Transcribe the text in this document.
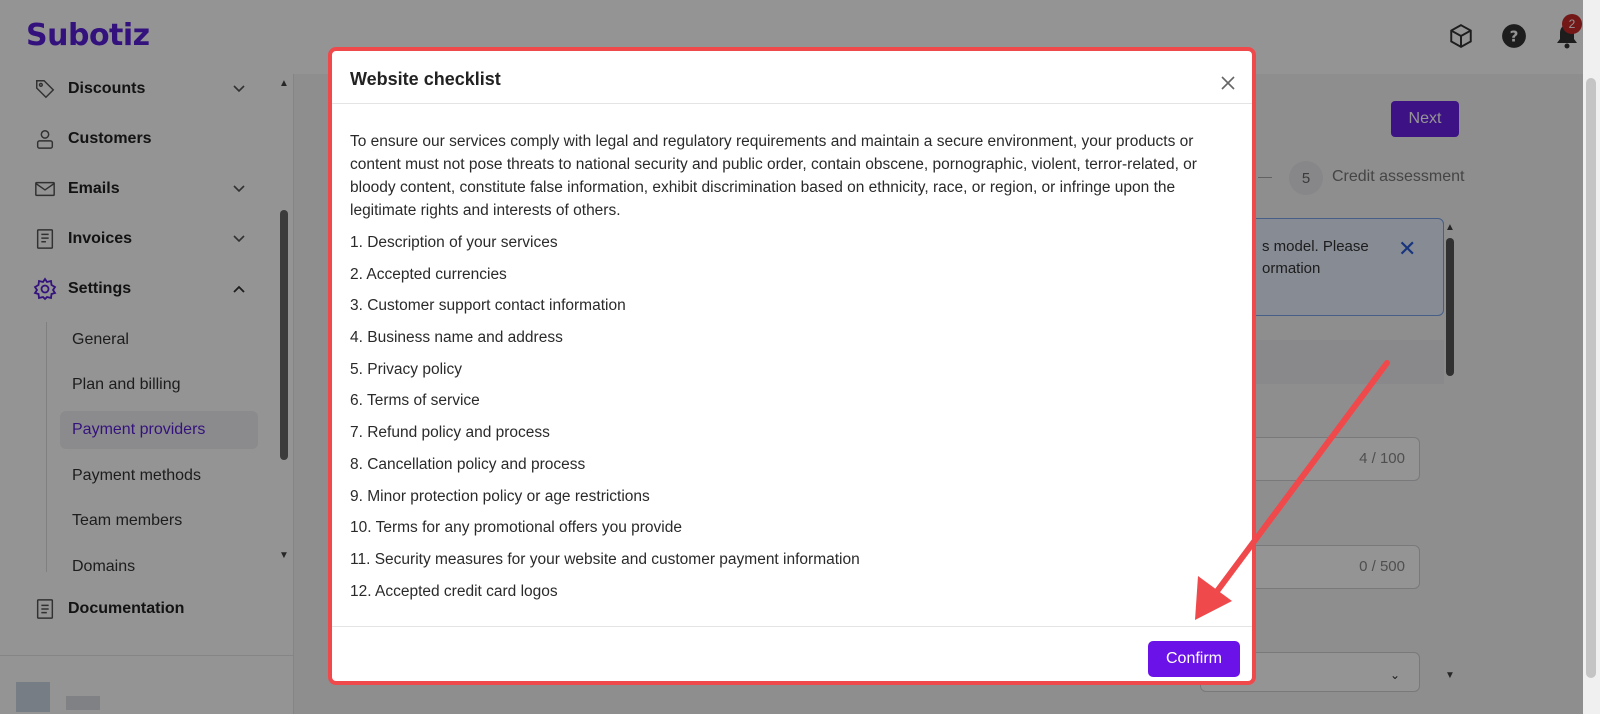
Subotiz	?
2
Discounts
Customers
Emails
Invoices
Settings
General
Plan and billing
Payment providers
Payment methods
Team members
Domains
Documentation
▲
▼
Next
5	Credit assessment
s model. Please ormation
✕
▲
▼
4 / 100
0 / 500
⌄
Website checklist

To ensure our services comply with legal and regulatory requirements and maintain a secure environment, your products or content must not pose threats to national security and public order, contain obscene, pornographic, violent, terror-related, or bloody content, constitute false information, exhibit discrimination based on ethnicity, race, or region, or infringe upon the legitimate rights and interests of others.

1. Description of your services
2. Accepted currencies
3. Customer support contact information
4. Business name and address
5. Privacy policy
6. Terms of service
7. Refund policy and process
8. Cancellation policy and process
9. Minor protection policy or age restrictions
10. Terms for any promotional offers you provide
11. Security measures for your website and customer payment information
12. Accepted credit card logos
Confirm
